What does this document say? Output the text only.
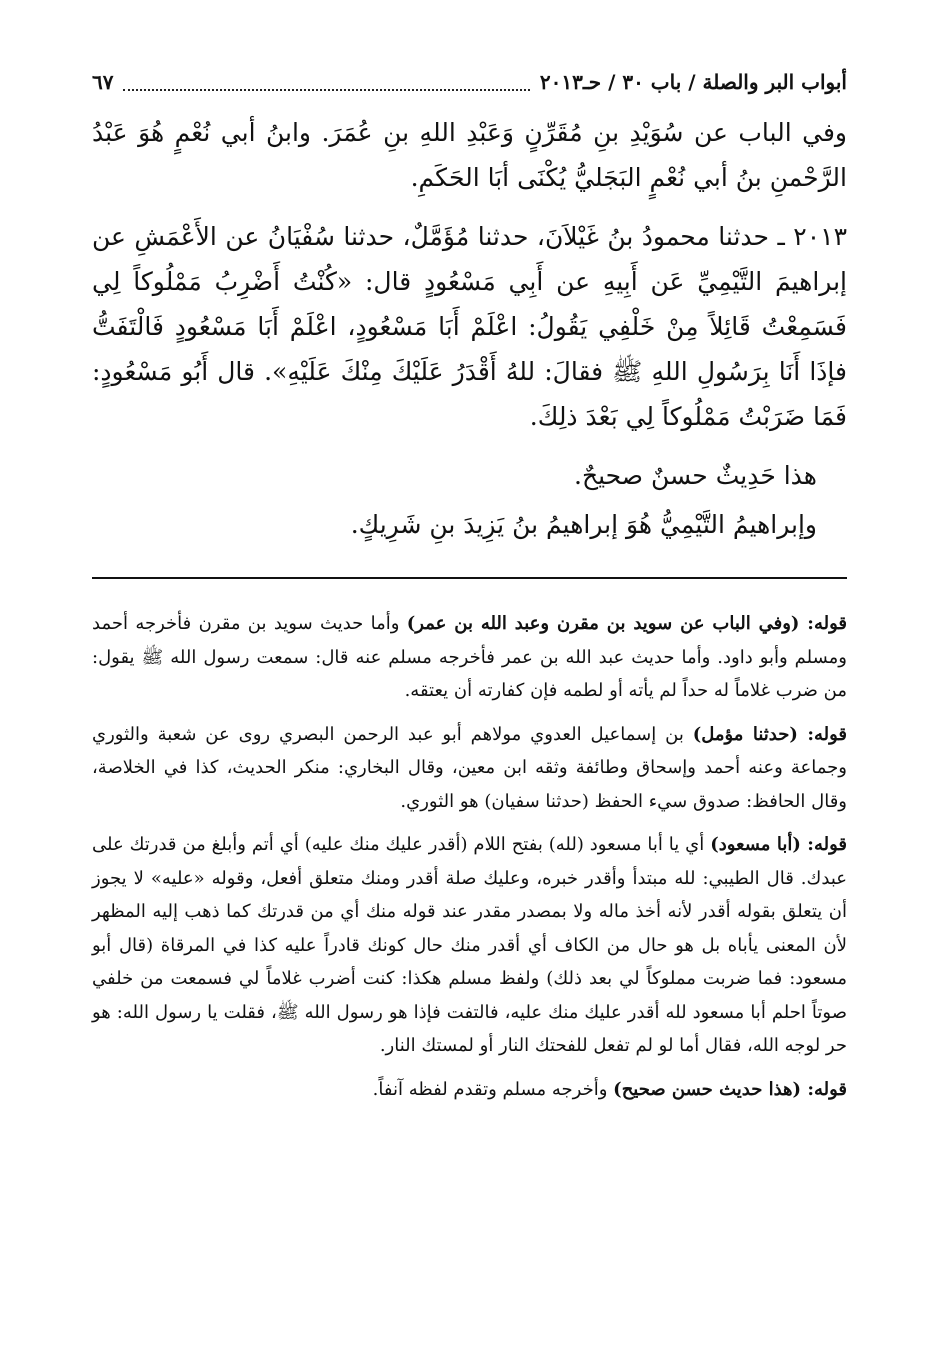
أبواب البر والصلة / باب ٣٠ / حـ٢٠١٣
٦٧

وفي الباب عن سُوَيْدِ بنِ مُقَرِّنٍ وَعَبْدِ اللهِ بنِ عُمَرَ. وابنُ أبي نُعْمٍ هُوَ عَبْدُ الرَّحْمنِ بنُ أبي نُعْمٍ البَجَليُّ يُكْنَى أبَا الحَكَمِ.

٢٠١٣ ـ حدثنا محمودُ بنُ غَيْلاَنَ، حدثنا مُؤَمَّلٌ، حدثنا سُفْيَانُ عن الأَعْمَشِ عن إبراهيمَ التَّيْمِيِّ عَن أَبِيهِ عن أَبِي مَسْعُودٍ قال: «كُنْتُ أَضْرِبُ مَمْلُوكاً لِي فَسَمِعْتُ قَائِلاً مِنْ خَلْفِي يَقُولُ: اعْلَمْ أَبَا مَسْعُودٍ، اعْلَمْ أَبَا مَسْعُودٍ فَالْتَفَتُّ فإذَا أَنَا بِرَسُولِ اللهِ ﷺ فقالَ: للهُ أَقْدَرُ عَلَيْكَ مِنْكَ عَلَيْهِ». قال أَبُو مَسْعُودٍ: فَمَا ضَرَبْتُ مَمْلُوكاً لِي بَعْدَ ذلِكَ.

هذا حَدِيثٌ حسنٌ صحيحٌ.

وإبراهيمُ التَّيْمِيُّ هُوَ إبراهيمُ بنُ يَزِيدَ بنِ شَرِيكٍ.

قوله: (وفي الباب عن سويد بن مقرن وعبد الله بن عمر) وأما حديث سويد بن مقرن فأخرجه أحمد ومسلم وأبو داود. وأما حديث عبد الله بن عمر فأخرجه مسلم عنه قال: سمعت رسول الله ﷺ يقول: من ضرب غلاماً له حداً لم يأته أو لطمه فإن كفارته أن يعتقه.

قوله: (حدثنا مؤمل) بن إسماعيل العدوي مولاهم أبو عبد الرحمن البصري روى عن شعبة والثوري وجماعة وعنه أحمد وإسحاق وطائفة وثقه ابن معين، وقال البخاري: منكر الحديث، كذا في الخلاصة، وقال الحافظ: صدوق سيء الحفظ (حدثنا سفيان) هو الثوري.

قوله: (أبا مسعود) أي يا أبا مسعود (لله) بفتح اللام (أقدر عليك منك عليه) أي أتم وأبلغ من قدرتك على عبدك. قال الطيبي: لله مبتدأ وأقدر خبره، وعليك صلة أقدر ومنك متعلق أفعل، وقوله «عليه» لا يجوز أن يتعلق بقوله أقدر لأنه أخذ ماله ولا بمصدر مقدر عند قوله منك أي من قدرتك كما ذهب إليه المظهر لأن المعنى يأباه بل هو حال من الكاف أي أقدر منك حال كونك قادراً عليه كذا في المرقاة (قال أبو مسعود: فما ضربت مملوكاً لي بعد ذلك) ولفظ مسلم هكذا: كنت أضرب غلاماً لي فسمعت من خلفي صوتاً احلم أبا مسعود لله أقدر عليك منك عليه، فالتفت فإذا هو رسول الله ﷺ، فقلت يا رسول الله: هو حر لوجه الله، فقال أما لو لم تفعل للفحتك النار أو لمستك النار.

قوله: (هذا حديث حسن صحيح) وأخرجه مسلم وتقدم لفظه آنفاً.
